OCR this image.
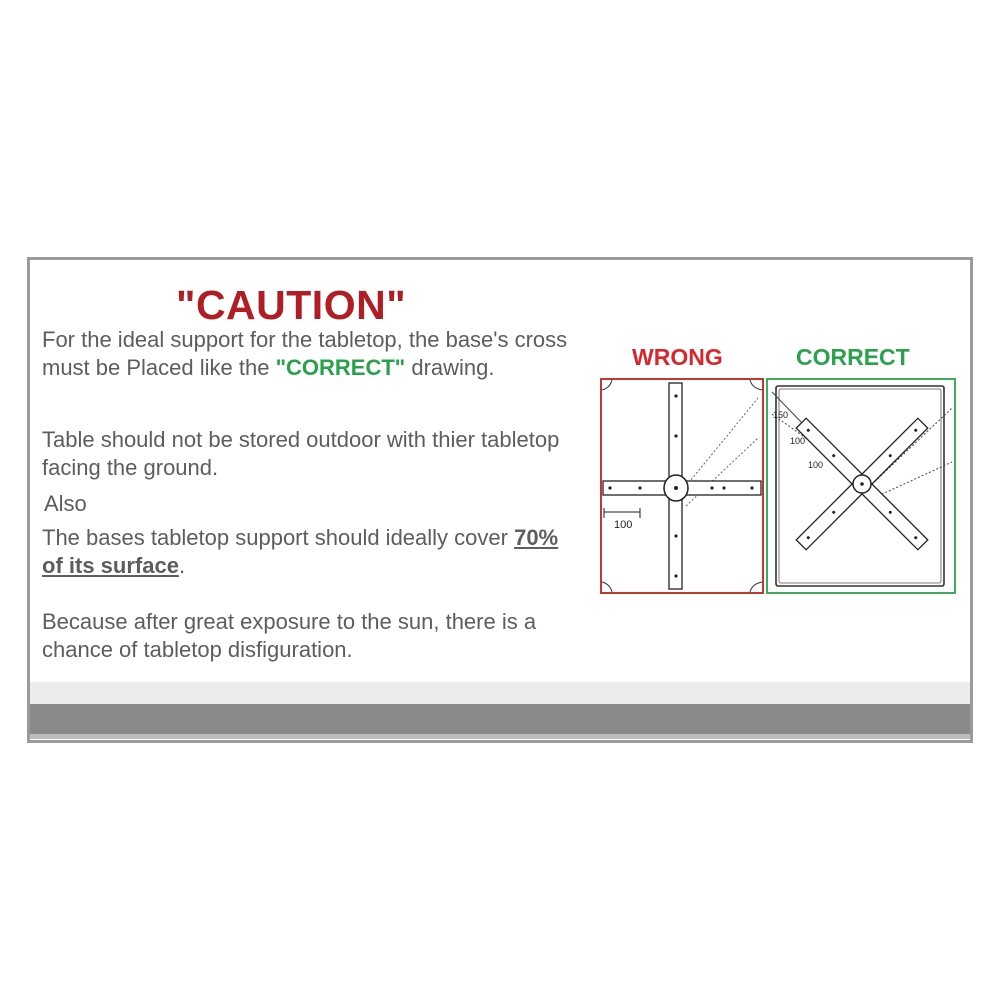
"CAUTION"

For the ideal support for the tabletop, the base's cross must be Placed like the "CORRECT" drawing.

Table should not be stored outdoor with thier tabletop facing the ground.

Also

The bases tabletop support should ideally cover 70% of its surface.

Because after great exposure to the sun, there is a chance of tabletop disfiguration.

WRONG	CORRECT

100
150
100
100
